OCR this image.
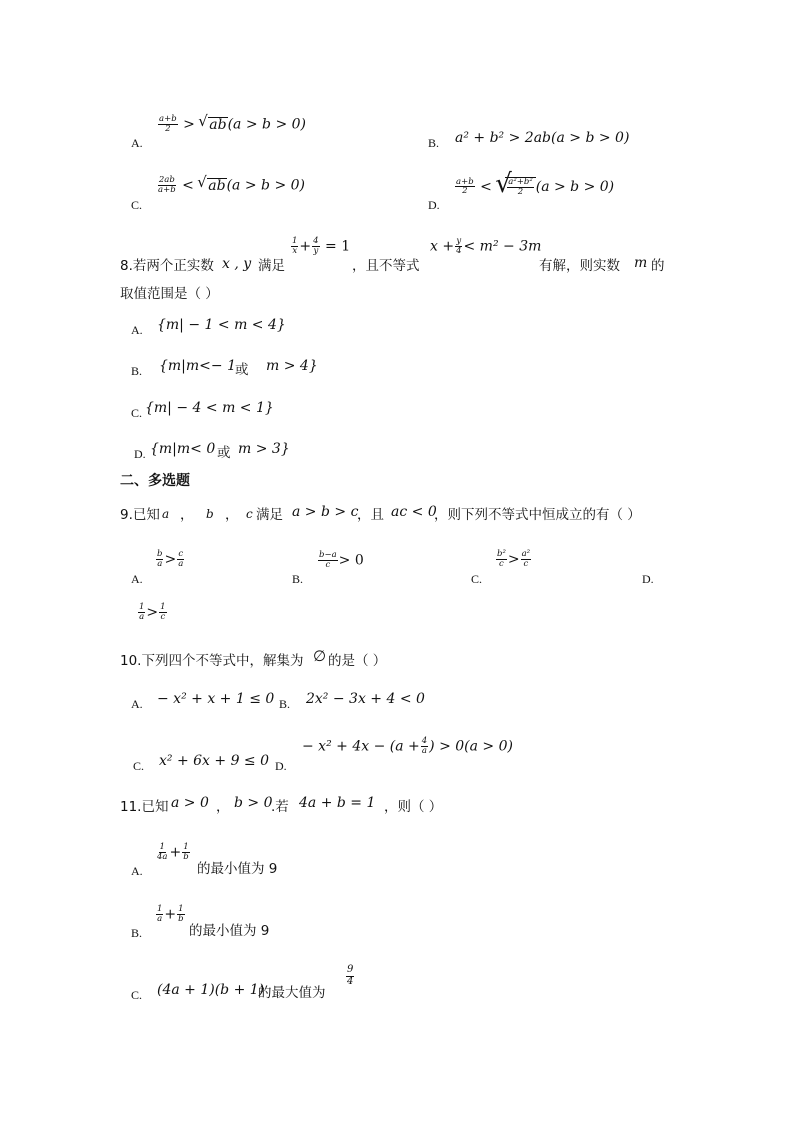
A.
$\frac{a+b}{2}$ > √ ab(a > b > 0)
B. a² + b² > 2ab(a > b > 0)
C.
$\frac{2ab}{a+b}$ < √ ab(a > b > 0)
D.
$\frac{a+b}{2}$ < √ $\frac{\text{a²+b²}}{2} (a > b > 0)$
8.若两个正实数 x , y 满足
$\frac{1}{x} + \frac{4}{y} = 1$
，且不等式
$x + \frac{y}{4} < m^2 - 3m$
有解，则实数 m 的
取值范围是（ ）
A. {m| − 1 < m < 4}
B. {m|m<− 1 或 m > 4}
C. {m| − 4 < m < 1}
D. {m|m< 0 或 m > 3}
二、多选题
9.已知 a ， b ， c 满足 a > b > c
，且 ac < 0
，则下列不等式中恒成立的有（ ）
A.
$\frac{b}{a} > \frac{c}{a}$
B.
$\frac{b-a}{c} > 0$
C.
$\frac{\text{b²}}{c} > \frac{\text{a²}}{c}$
D.
$\frac{1}{a} > \frac{1}{c}$
10.下列四个不等式中，解集为 ∅ 的是（ ）
A. − x² + x + 1 ≤ 0 B. 2x² − 3x + 4 < 0
C. x² + 6x + 9 ≤ 0 D.
− $x^2 + 4x - (a + \frac{4}{a}$ ) > 0(a > 0)
11.已知 a > 0 ， b > 0
.若 4a + b = 1 ，则（ ）
A.
$\frac{1}{4a} + \frac{1}{b}$
的最小值为 9
B.
$\frac{1}{a} + \frac{1}{b}$
的最小值为 9
C. (4a + 1)(b + 1)
的最大值为
$\frac{9}{4}$
